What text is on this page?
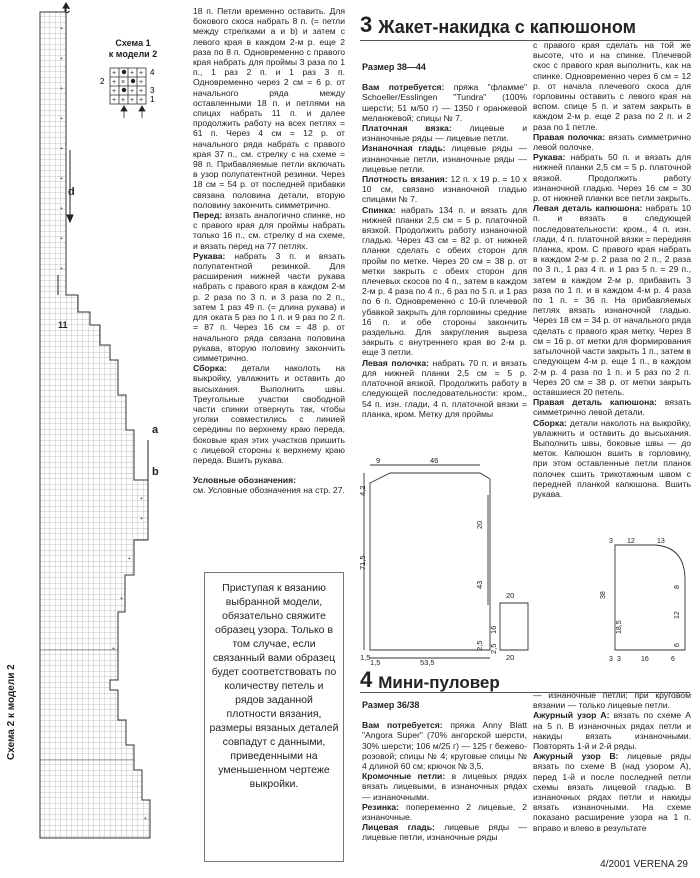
+
+
+
+
+
+
+
+
+
+
+
+
+
+
+
Схема 2 к модели 2
c
d
a
b
11
Схема 1
к модели 2
+ + +
+ × +
+ + +
+ + + +
4
3
2
1

18 п. Петли временно оставить. Для бокового скоса набрать 8 п. (= петли между стрелками a и b) и затем с левого края в каждом 2-м р. еще 2 раза по 8 п. Одновременно с правого края набрать для проймы 3 раза по 1 п., 1 раз 2 п. и 1 раз 3 п. Одновременно через 2 см = 6 р. от начального ряда между оставленными 18 п. и петлями на спицах набрать 11 п. и далее продолжить работу на всех петлях = 61 п. Через 4 см = 12 р. от начального ряда набрать с правого края 37 п., см. стрелку c на схеме = 98 п. Прибавляемые петли включать в узор полупатентной резинки. Через 18 см = 54 р. от последней прибавки связана половина детали, вторую половину закончить симметрично.

Перед: вязать аналогично спинке, но с правого края для проймы набрать только 16 п., см. стрелку d на схеме, и вязать перед на 77 петлях.

Рукава: набрать 3 п. и вязать полупатентной резинкой. Для расширения нижней части рукава набрать с правого края в каждом 2-м р. 2 раза по 3 п. и 3 раза по 2 п., затем 1 раз 49 п. (= длина рукава) и для оката 5 раз по 1 п. и 9 раз по 2 п. = 87 п. Через 16 см = 48 р. от начального ряда связана половина рукава, вторую половину закончить симметрично.

Сборка: детали наколоть на выкройку, увлажнить и оставить до высыхания. Выполнить швы. Треугольные участки свободной части спинки отвернуть так, чтобы уголки совместились с линией середины по верхнему краю переда, боковые края этих участков пришить с лицевой стороны к верхнему краю переда. Вшить рукава.

Условные обозначения:
см. Условные обозначения на стр. 27.

Приступая к вязанию выбранной модели, обязательно свяжите образец узора. Только в том случае, если связанный вами образец будет соответствовать по количеству петель и рядов заданной плотности вязания, размеры вязаных деталей совпадут с данными, приведенными на уменьшенном чертеже выкройки.
3 Жакет-накидка с капюшоном
Размер 38—44

Вам потребуется: пряжа "фламме" Schoeller/Esslingen "Tundra" (100% шерсти; 51 м/50 г) — 1350 г оранжевой меланжевой; спицы № 7.

Платочная вязка: лицевые и изнаночные ряды — лицевые петли.

Изнаночная гладь: лицевые ряды — изнаночные петли, изнаночные ряды — лицевые петли.

Плотность вязания: 12 п. х 19 р. = 10 х 10 см, связано изнаночной гладью спицами № 7.

Спинка: набрать 134 п. и вязать для нижней планки 2,5 см = 5 р. платочной вязкой. Продолжить работу изнаночной гладью. Через 43 см = 82 р. от нижней планки сделать с обеих сторон для пройм по метке. Через 20 см = 38 р. от метки закрыть с обеих сторон для плечевых скосов по 4 п., затем в каждом 2-м р. 4 раза по 4 п., 6 раз по 5 п. и 1 раз по 6 п. Одновременно с 10-й плечевой убавкой закрыть для горловины средние 16 п. и обе стороны закончить раздельно. Для закругления выреза закрыть с внутреннего края во 2-м р. еще 3 петли.

Левая полочка: набрать 70 п. и вязать для нижней планки 2,5 см = 5 р. платочной вязкой. Продолжить работу в следующей последовательности: кром., 54 п. изн. глади, 4 п. платочной вязки = планка, кром. Метку для проймы

с правого края сделать на той же высоте, что и на спинке. Плечевой скос с правого края выполнить, как на спинке. Одновременно через 6 см = 12 р. от начала плечевого скоса для горловины оставить с левого края на вспом. спице 5 п. и затем закрыть в каждом 2-м р. еще 2 раза по 2 п. и 2 раза по 1 петле.

Правая полочка: вязать симметрично левой полочке.

Рукава: набрать 50 п. и вязать для нижней планки 2,5 см = 5 р. платочной вязкой. Продолжить работу изнаночной гладью. Через 16 см = 30 р. от нижней планки все петли закрыть.

Левая деталь капюшона: набрать 10 п. и вязать в следующей последовательности: кром., 4 п. изн. глади, 4 п. платочной вязки = передняя планка, кром. С правого края набрать в каждом 2-м р. 2 раза по 2 п., 2 раза по 3 п., 1 раз 4 п. и 1 раз 5 п. = 29 п., затем в каждом 2-м р. прибавить 3 раза по 1 п. и в каждом 4-м р. 4 раза по 1 п. = 36 п. На прибавляемых петлях вязать изнаночной гладью. Через 18 см = 34 р. от начального ряда сделать с правого края метку. Через 8 см = 16 р. от метки для формирования затылочной части закрыть 1 п., затем в следующем 4-м р. еще 1 п., в каждом 2-м р. 4 раза по 1 п. и 5 раз по 2 п. Через 20 см = 38 р. от метки закрыть оставшиеся 20 петель.

Правая деталь капюшона: вязать симметрично левой детали.

Сборка: детали наколоть на выкройку, увлажнить и оставить до высыхания. Выполнить швы, боковые швы — до меток. Капюшон вшить в горловину, при этом оставленные петли планок полочек сшить трикотажным швом с передней планкой капюшона. Вшить рукава.

9	46
4,2
71,5
20
43
2,5
1,5
53,5
1,5
20
16
2,5
20
3 12	13
38
18,5
8
12
6
3 3	16	6
4 Мини-пуловер
Размер 36/38

Вам потребуется: пряжа Anny Blatt "Angora Super" (70% ангорской шерсти, 30% шерсти; 106 м/25 г) — 125 г бежево-розовой; спицы № 4; круговые спицы № 4 длиной 60 см; крючок № 3,5.

Кромочные петли: в лицевых рядах вязать лицевыми, в изнаночных рядах — изнаночными.

Резинка: попеременно 2 лицевые, 2 изнаночные.

Лицевая гладь: лицевые ряды — лицевые петли, изнаночные ряды

— изнаночные петли; при круговом вязании — только лицевые петли.

Ажурный узор А: вязать по схеме А на 5 п. В изнаночных рядах петли и накиды вязать изнаночными. Повторять 1-й и 2-й ряды.

Ажурный узор В: лицевые ряды вязать по схеме В (над узором А), перед 1-й и после последней петли схемы вязать лицевой гладью. В изнаночных рядах петли и накиды вязать изнаночными. На схеме показано расширение узора на 1 п. вправо и влево в результате

4/2001 VERENA 29
